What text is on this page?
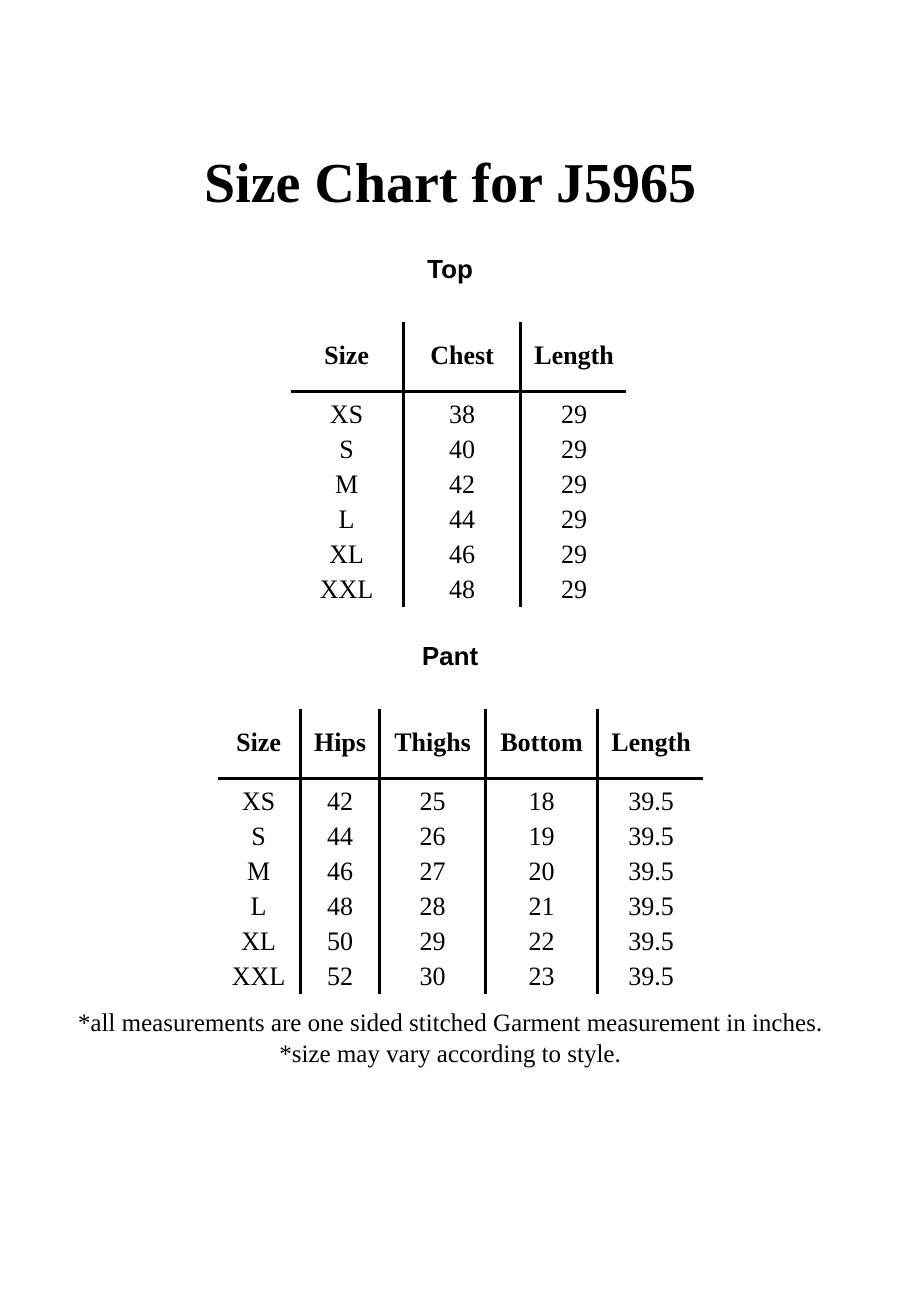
Size Chart for J5965
Top
Size	Chest	Length
XS	38	29
S	40	29
M	42	29
L	44	29
XL	46	29
XXL	48	29
Pant
Size	Hips	Thighs	Bottom	Length
XS	42	25	18	39.5
S	44	26	19	39.5
M	46	27	20	39.5
L	48	28	21	39.5
XL	50	29	22	39.5
XXL	52	30	23	39.5
*all measurements are one sided stitched Garment measurement in inches.
*size may vary according to style.
